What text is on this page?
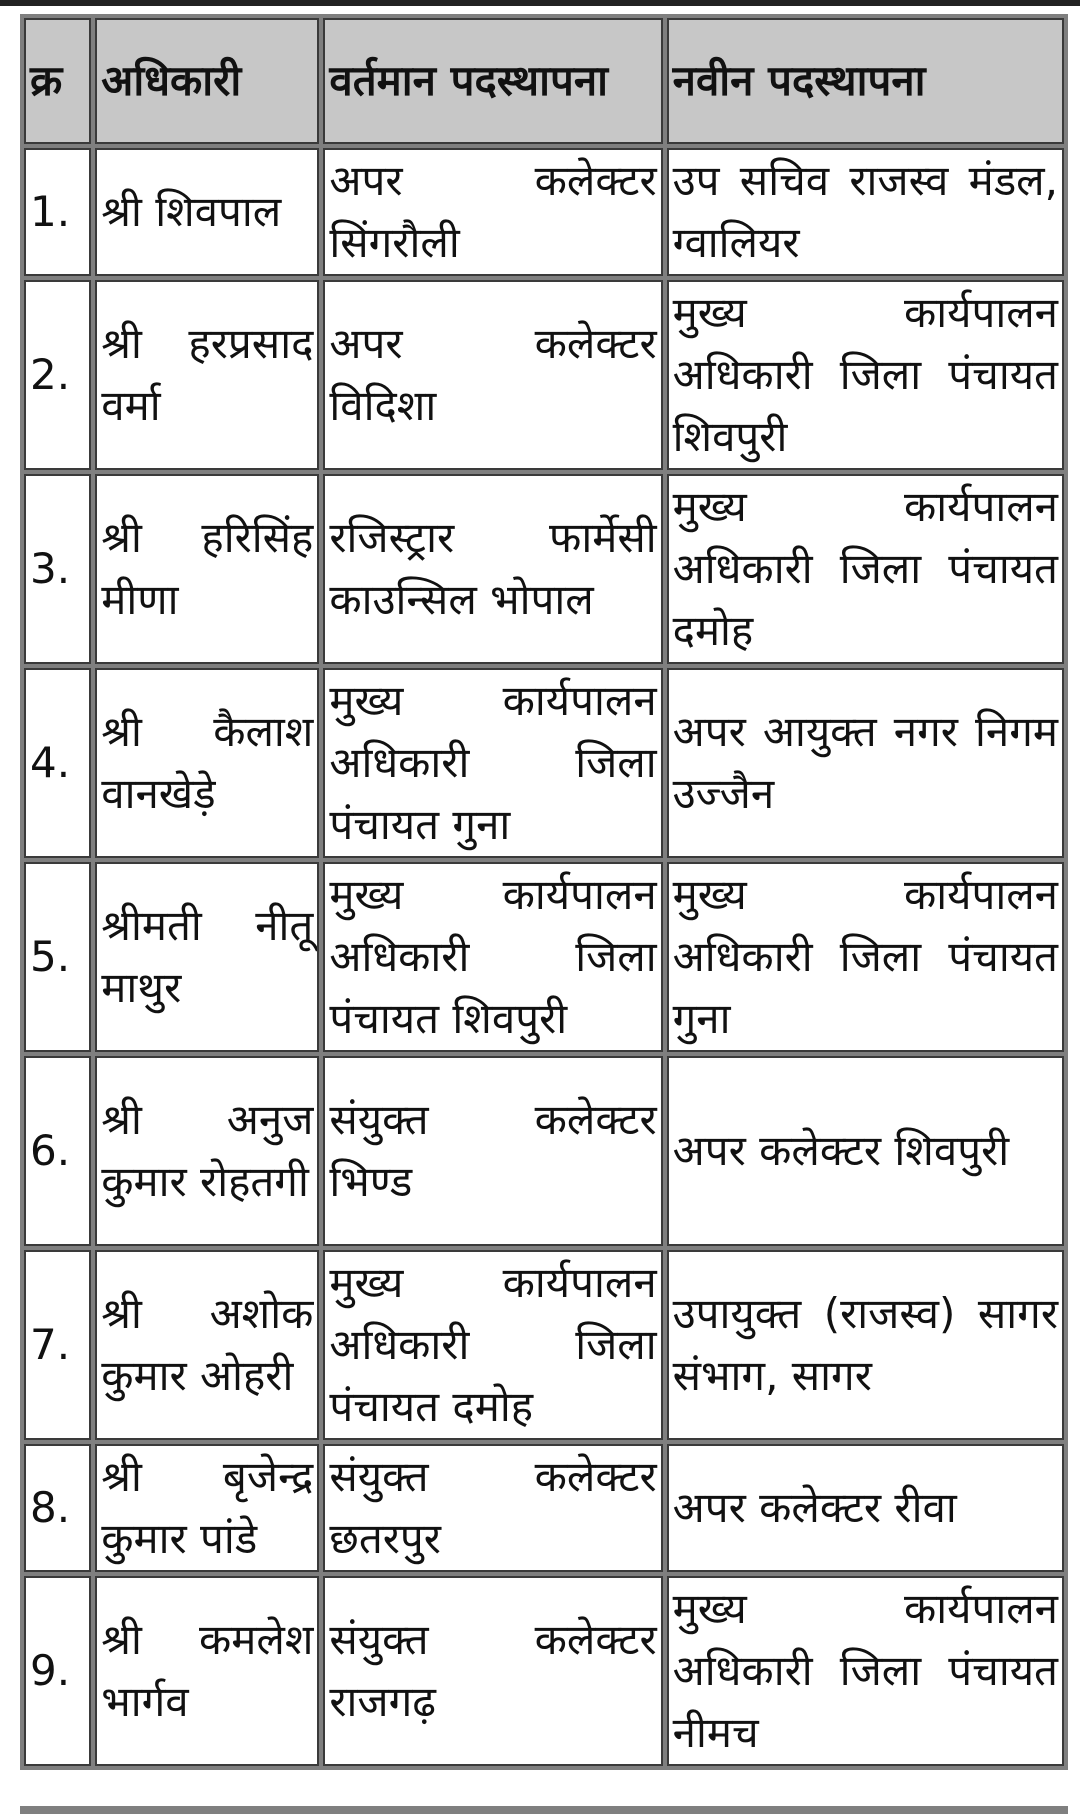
क्र	अधिकारी	वर्तमान पदस्थापना	नवीन पदस्थापना
1.	श्री शिवपाल	अपर कलेक्टर सिंगरौली	उप सचिव राजस्व मंडल, ग्वालियर
2.	श्री हरप्रसाद वर्मा	अपर कलेक्टर विदिशा	मुख्य कार्यपालन अधिकारी जिला पंचायत शिवपुरी
3.	श्री हरिसिंह मीणा	रजिस्ट्रार फार्मेसी काउन्सिल भोपाल	मुख्य कार्यपालन अधिकारी जिला पंचायत दमोह
4.	श्री कैलाश वानखेड़े	मुख्य कार्यपालन अधिकारी जिला पंचायत गुना	अपर आयुक्त नगर निगम उज्जैन
5.	श्रीमती नीतू माथुर	मुख्य कार्यपालन अधिकारी जिला पंचायत शिवपुरी	मुख्य कार्यपालन अधिकारी जिला पंचायत गुना
6.	श्री अनुज कुमार रोहतगी	संयुक्त कलेक्टर भिण्ड	अपर कलेक्टर शिवपुरी
7.	श्री अशोक कुमार ओहरी	मुख्य कार्यपालन अधिकारी जिला पंचायत दमोह	उपायुक्त (राजस्व) सागर संभाग, सागर
8.	श्री बृजेन्द्र कुमार पांडे	संयुक्त कलेक्टर छतरपुर	अपर कलेक्टर रीवा
9.	श्री कमलेश भार्गव	संयुक्त कलेक्टर राजगढ़	मुख्य कार्यपालन अधिकारी जिला पंचायत नीमच
